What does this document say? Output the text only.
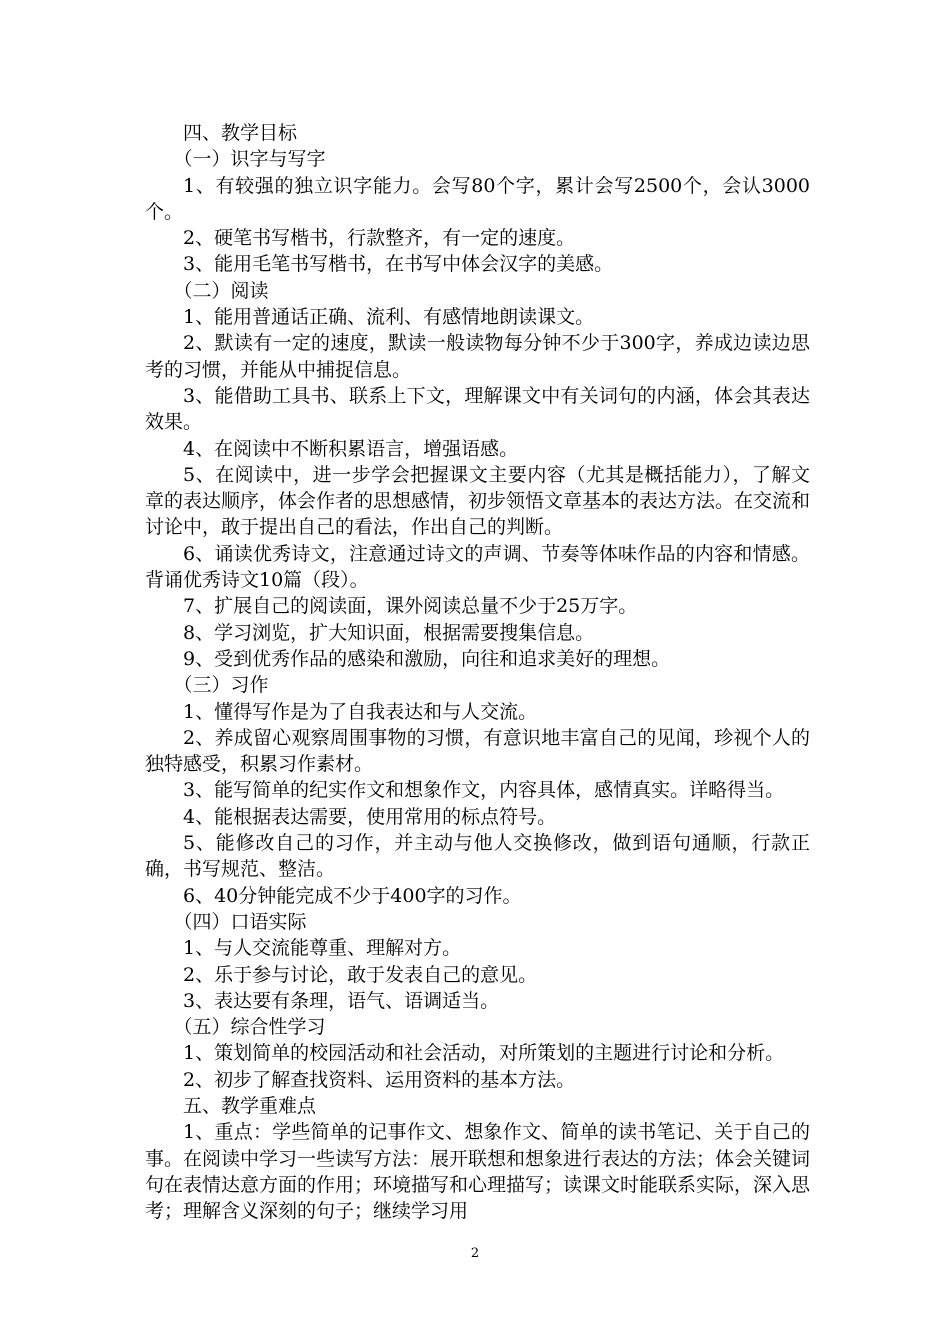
四、教学目标

（一）识字与写字

1、有较强的独立识字能力。会写80个字，累计会写2500个，会认3000个。

2、硬笔书写楷书，行款整齐，有一定的速度。

3、能用毛笔书写楷书，在书写中体会汉字的美感。

（二）阅读

1、能用普通话正确、流利、有感情地朗读课文。

2、默读有一定的速度，默读一般读物每分钟不少于300字，养成边读边思考的习惯，并能从中捕捉信息。

3、能借助工具书、联系上下文，理解课文中有关词句的内涵，体会其表达效果。

4、在阅读中不断积累语言，增强语感。

5、在阅读中，进一步学会把握课文主要内容（尤其是概括能力），了解文章的表达顺序，体会作者的思想感情，初步领悟文章基本的表达方法。在交流和讨论中，敢于提出自己的看法，作出自己的判断。

6、诵读优秀诗文，注意通过诗文的声调、节奏等体味作品的内容和情感。背诵优秀诗文10篇（段）。

7、扩展自己的阅读面，课外阅读总量不少于25万字。

8、学习浏览，扩大知识面，根据需要搜集信息。

9、受到优秀作品的感染和激励，向往和追求美好的理想。

（三）习作

1、懂得写作是为了自我表达和与人交流。

2、养成留心观察周围事物的习惯，有意识地丰富自己的见闻，珍视个人的独特感受，积累习作素材。

3、能写简单的纪实作文和想象作文，内容具体，感情真实。详略得当。

4、能根据表达需要，使用常用的标点符号。

5、能修改自己的习作，并主动与他人交换修改，做到语句通顺，行款正确，书写规范、整洁。

6、40分钟能完成不少于400字的习作。

（四）口语实际

1、与人交流能尊重、理解对方。

2、乐于参与讨论，敢于发表自己的意见。

3、表达要有条理，语气、语调适当。

（五）综合性学习

1、策划简单的校园活动和社会活动，对所策划的主题进行讨论和分析。

2、初步了解查找资料、运用资料的基本方法。

五、教学重难点

1、重点：学些简单的记事作文、想象作文、简单的读书笔记、关于自己的事。在阅读中学习一些读写方法：展开联想和想象进行表达的方法；体会关键词句在表情达意方面的作用；环境描写和心理描写；读课文时能联系实际，深入思考；理解含义深刻的句子；继续学习用

2
